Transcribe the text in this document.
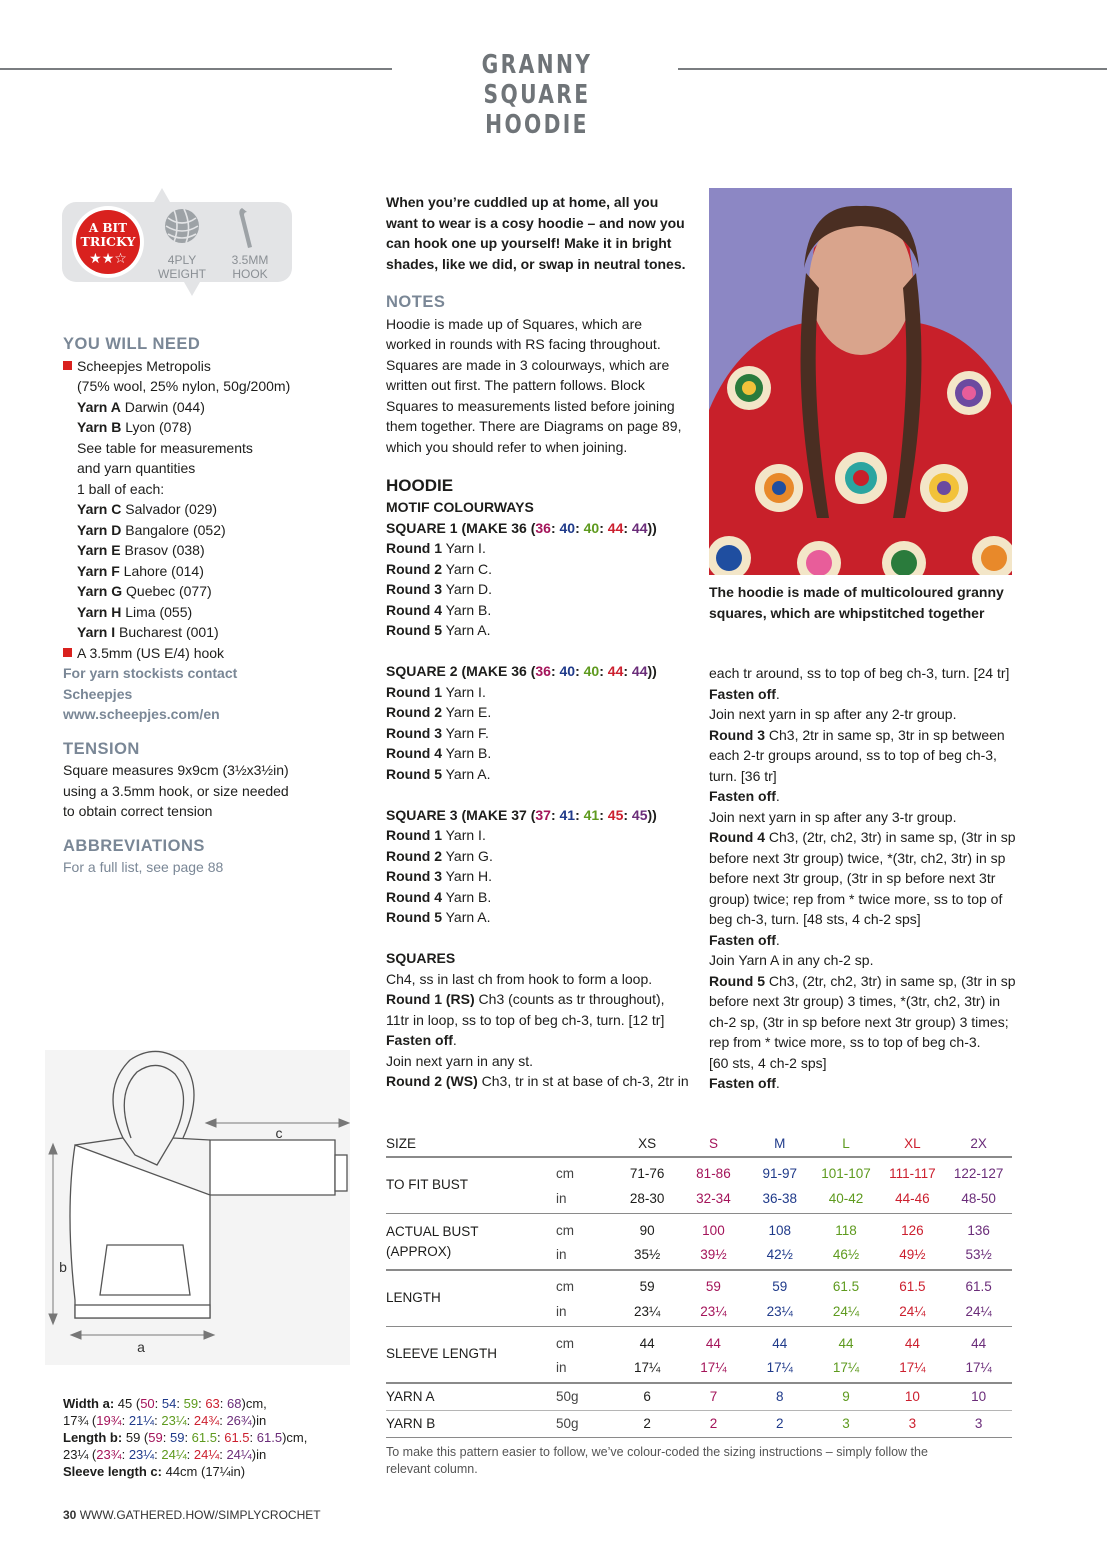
GRANNY SQUARE HOODIE
A BIT
TRICKY
★★☆	4PLY
WEIGHT
3.5MM
HOOK
YOU WILL NEED

Scheepjes Metropolis

(75% wool, 25% nylon, 50g/200m)

Yarn A Darwin (044)

Yarn B Lyon (078)

See table for measurements

and yarn quantities

1 ball of each:

Yarn C Salvador (029)

Yarn D Bangalore (052)

Yarn E Brasov (038)

Yarn F Lahore (014)

Yarn G Quebec (077)

Yarn H Lima (055)

Yarn I Bucharest (001)

A 3.5mm (US E/4) hook

For yarn stockists contact

Scheepjes

www.scheepjes.com/en

TENSION

Square measures 9x9cm (3½x3½in)

using a 3.5mm hook, or size needed

to obtain correct tension

ABBREVIATIONS

For a full list, see page 88

When you’re cuddled up at home, all you

want to wear is a cosy hoodie – and now you

can hook one up yourself! Make it in bright

shades, like we did, or swap in neutral tones.

NOTES

Hoodie is made up of Squares, which are

worked in rounds with RS facing throughout.

Squares are made in 3 colourways, which are

written out first. The pattern follows. Block

Squares to measurements listed before joining

them together. There are Diagrams on page 89,

which you should refer to when joining.

HOODIE

MOTIF COLOURWAYS

SQUARE 1 (MAKE 36 (36: 40: 40: 44: 44))

Round 1 Yarn I.

Round 2 Yarn C.

Round 3 Yarn D.

Round 4 Yarn B.

Round 5 Yarn A.

SQUARE 2 (MAKE 36 (36: 40: 40: 44: 44))

Round 1 Yarn I.

Round 2 Yarn E.

Round 3 Yarn F.

Round 4 Yarn B.

Round 5 Yarn A.

SQUARE 3 (MAKE 37 (37: 41: 41: 45: 45))

Round 1 Yarn I.

Round 2 Yarn G.

Round 3 Yarn H.

Round 4 Yarn B.

Round 5 Yarn A.

SQUARES

Ch4, ss in last ch from hook to form a loop.

Round 1 (RS) Ch3 (counts as tr throughout),

11tr in loop, ss to top of beg ch-3, turn. [12 tr]

Fasten off.

Join next yarn in any st.

Round 2 (WS) Ch3, tr in st at base of ch-3, 2tr in

The hoodie is made of multicoloured granny

squares, which are whipstitched together

each tr around, ss to top of beg ch-3, turn. [24 tr]

Fasten off.

Join next yarn in sp after any 2-tr group.

Round 3 Ch3, 2tr in same sp, 3tr in sp between

each 2-tr groups around, ss to top of beg ch-3,

turn. [36 tr]

Fasten off.

Join next yarn in sp after any 3-tr group.

Round 4 Ch3, (2tr, ch2, 3tr) in same sp, (3tr in sp

before next 3tr group) twice, *(3tr, ch2, 3tr) in sp

before next 3tr group, (3tr in sp before next 3tr

group) twice; rep from * twice more, ss to top of

beg ch-3, turn. [48 sts, 4 ch-2 sps]

Fasten off.

Join Yarn A in any ch-2 sp.

Round 5 Ch3, (2tr, ch2, 3tr) in same sp, (3tr in sp

before next 3tr group) 3 times, *(3tr, ch2, 3tr) in

ch-2 sp, (3tr in sp before next 3tr group) 3 times;

rep from * twice more, ss to top of beg ch-3.

[60 sts, 4 ch-2 sps]

Fasten off.

a
b
c

Width a: 45 (50: 54: 59: 63: 68)cm,

17¾ (19¾: 21¼: 23¼: 24¾: 26¾)in

Length b: 59 (59: 59: 61.5: 61.5: 61.5)cm,

23¼ (23¾: 23¼: 24¼: 24¼: 24¼)in

Sleeve length c: 44cm (17¼in)

SIZE	XS	S	M	L	XL	2X
TO FIT BUST
cm	71-76	81-86	91-97	101-107	111-117	122-127
in	28-30	32-34	36-38	40-42	44-46	48-50
ACTUAL BUST
(APPROX)
cm	90	100	108	118	126	136
in	35½	39½	42½	46½	49½	53½
LENGTH
cm	59	59	59	61.5	61.5	61.5
in	23¼	23¼	23¼	24¼	24¼	24¼
SLEEVE LENGTH
cm	44	44	44	44	44	44
in	17¼	17¼	17¼	17¼	17¼	17¼
YARN A	50g	6	7	8	9	10	10
YARN B	50g	2	2	2	3	3	3

To make this pattern easier to follow, we’ve colour-coded the sizing instructions – simply follow the

relevant column.

30 WWW.GATHERED.HOW/SIMPLYCROCHET
